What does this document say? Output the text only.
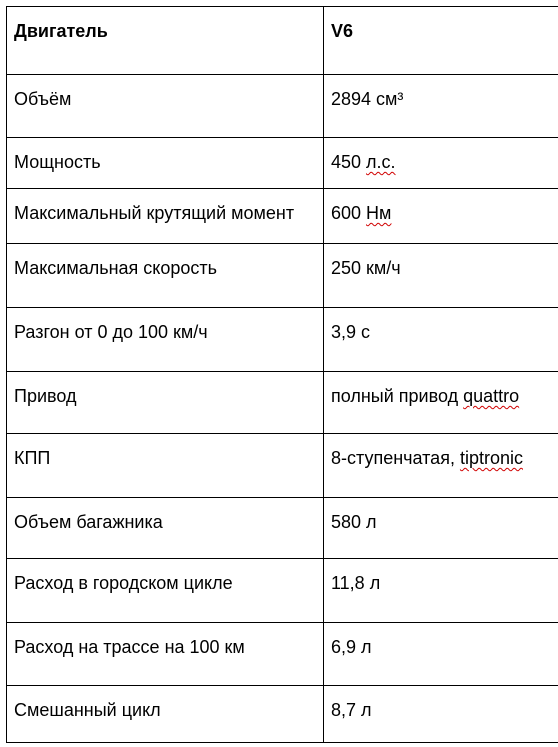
Двигатель	V6
Объём	2894 см³
Мощность	450 л.с.
Максимальный крутящий момент	600 Нм
Максимальная скорость	250 км/ч
Разгон от 0 до 100 км/ч	3,9 с
Привод	полный привод quattro
КПП	8-ступенчатая, tiptronic
Объем багажника	580 л
Расход в городском цикле	11,8 л
Расход на трассе на 100 км	6,9 л
Смешанный цикл	8,7 л
